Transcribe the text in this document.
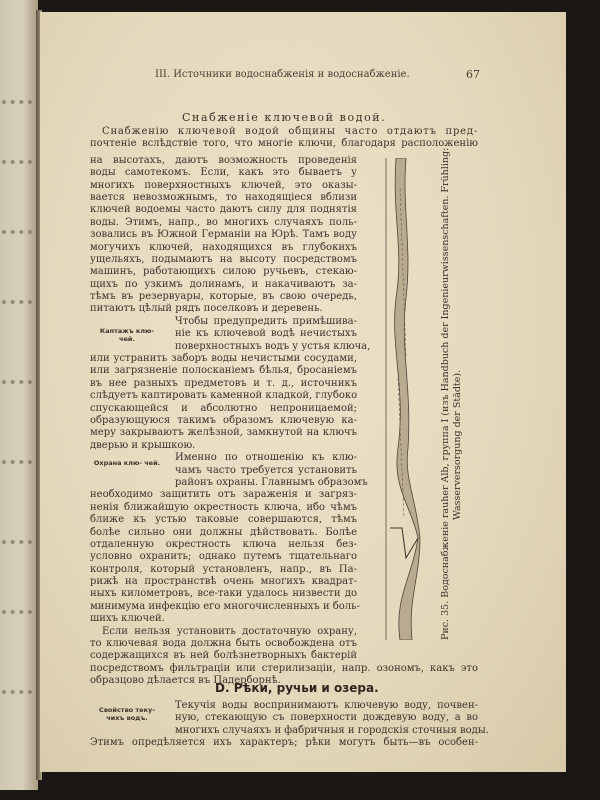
III. Источники водоснабженія и водоснабженіе.	67
Снабженіе ключевой водой.
Снабженію ключевой водой общины часто отдаютъ пред-
почтеніе вслѣдствіе того, что многіе ключи, благодаря расположенію
на высотахъ, даютъ возможность проведенія
воды самотекомъ. Если, какъ это бываетъ у
многихъ поверхностныхъ ключей, это оказы-
вается невозможнымъ, то находящіеся вблизи
ключей водоемы часто даютъ силу для поднятія
воды. Этимъ, напр., во многихъ случаяхъ поль-
зовались въ Южной Германіи на Юрѣ. Тамъ воду
могучихъ ключей, находящихся въ глубокихъ
ущельяхъ, подымаютъ на высоту посредствомъ
машинъ, работающихъ силою ручьевъ, стекаю-
щихъ по узкимъ долинамъ, и накачиваютъ за-
тѣмъ въ резервуары, которые, въ свою очередь,
питаютъ цѣлый рядъ поселковъ и деревень.
Чтобы предупредить примѣшива-
ніе къ ключевой водѣ нечистыхъ
поверхностныхъ водъ у устья ключа,
или устранить заборъ воды нечистыми сосудами,
или загрязненіе полосканіемъ бѣлья, бросаніемъ
въ нее разныхъ предметовъ и т. д., источникъ
слѣдуетъ каптировать каменной кладкой, глубоко
спускающейся и абсолютно непроницаемой;
образующуюся такимъ образомъ ключевую ка-
меру закрываютъ желѣзной, замкнутой на ключъ
дверью и крышкою.
Именно по отношенію къ клю-
чамъ часто требуется установить
районъ охраны. Главнымъ образомъ
необходимо защитить отъ зараженія и загряз-
ненія ближайшую окрестность ключа, ибо чѣмъ
ближе къ устью таковые совершаются, тѣмъ
болѣе сильно они должны дѣйствовать. Болѣе
отдаленную окрестность ключа нельзя без-
условно охранить; однако путемъ тщательнаго
контроля, который установленъ, напр., въ Па-
рижѣ на пространствѣ очень многихъ квадрат-
ныхъ километровъ, все-таки удалось низвести до
минимума инфекцію его многочисленныхъ и боль-
шихъ ключей.
Если нельзя установить достаточную охрану,
то ключевая вода должна быть освобождена отъ
содержащихся въ ней болѣзнетворныхъ бактерій
посредствомъ фильтраціи или стерилизаціи, напр. озономъ, какъ это
образцово дѣлается въ Падерборнѣ.
Каптажъ клю- чей.
Охрана клю- чей.
Свойство теку- чихъ водъ.
D. Рѣки, ручьи и озера.
Текучія воды воспринимаютъ ключевую воду, почвен-
ную, стекающую съ поверхности дождевую воду, а во
многихъ случаяхъ и фабричныя и городскія сточныя воды.
Этимъ опредѣляется ихъ характеръ; рѣки могутъ быть—въ особен-
Рис. 35. Водоснабженіе rauher Alb, группа I (изъ Handbuch der Ingenieurwissenschaften. Frühling: Wasserversorgung der Städte).
